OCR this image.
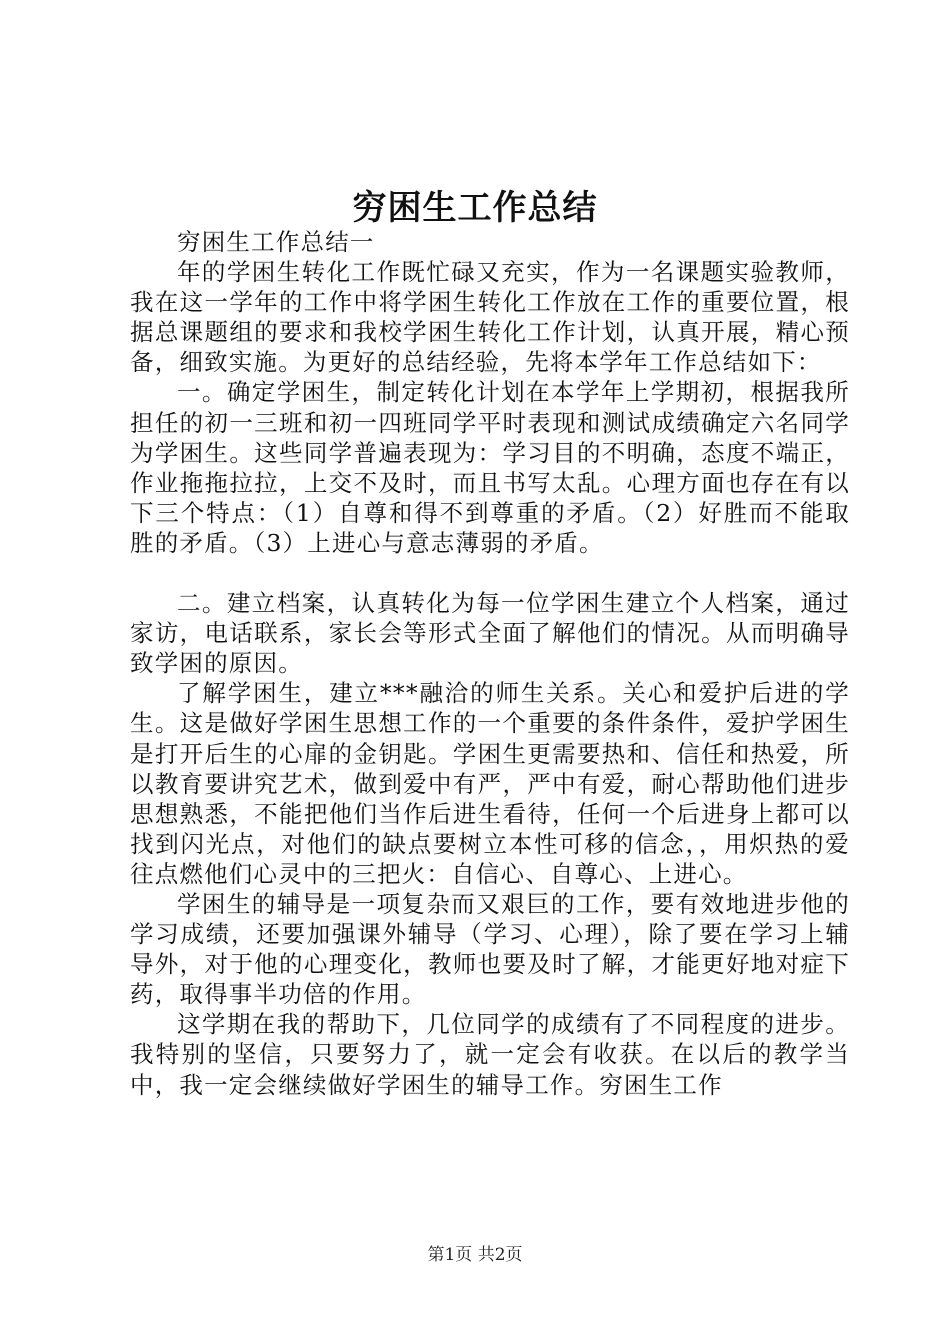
穷困生工作总结

穷困生工作总结一

年的学困生转化工作既忙碌又充实，作为一名课题实验教师，我在这一学年的工作中将学困生转化工作放在工作的重要位置，根据总课题组的要求和我校学困生转化工作计划，认真开展，精心预备，细致实施。为更好的总结经验，先将本学年工作总结如下：

一。确定学困生，制定转化计划在本学年上学期初，根据我所担任的初一三班和初一四班同学平时表现和测试成绩确定六名同学为学困生。这些同学普遍表现为：学习目的不明确，态度不端正，作业拖拖拉拉，上交不及时，而且书写太乱。心理方面也存在有以下三个特点：（1）自尊和得不到尊重的矛盾。（2）好胜而不能取胜的矛盾。（3）上进心与意志薄弱的矛盾。

二。建立档案，认真转化为每一位学困生建立个人档案，通过家访，电话联系，家长会等形式全面了解他们的情况。从而明确导致学困的原因。

了解学困生，建立***融洽的师生关系。关心和爱护后进的学生。这是做好学困生思想工作的一个重要的条件条件，爱护学困生是打开后生的心扉的金钥匙。学困生更需要热和、信任和热爱，所以教育要讲究艺术，做到爱中有严，严中有爱，耐心帮助他们进步思想熟悉，不能把他们当作后进生看待，任何一个后进身上都可以找到闪光点，对他们的缺点要树立本性可移的信念，，用炽热的爱往点燃他们心灵中的三把火：自信心、自尊心、上进心。

学困生的辅导是一项复杂而又艰巨的工作，要有效地进步他的学习成绩，还要加强课外辅导（学习、心理），除了要在学习上辅导外，对于他的心理变化，教师也要及时了解，才能更好地对症下药，取得事半功倍的作用。

这学期在我的帮助下，几位同学的成绩有了不同程度的进步。我特别的坚信，只要努力了，就一定会有收获。在以后的教学当中，我一定会继续做好学困生的辅导工作。穷困生工作

第1页 共2页
